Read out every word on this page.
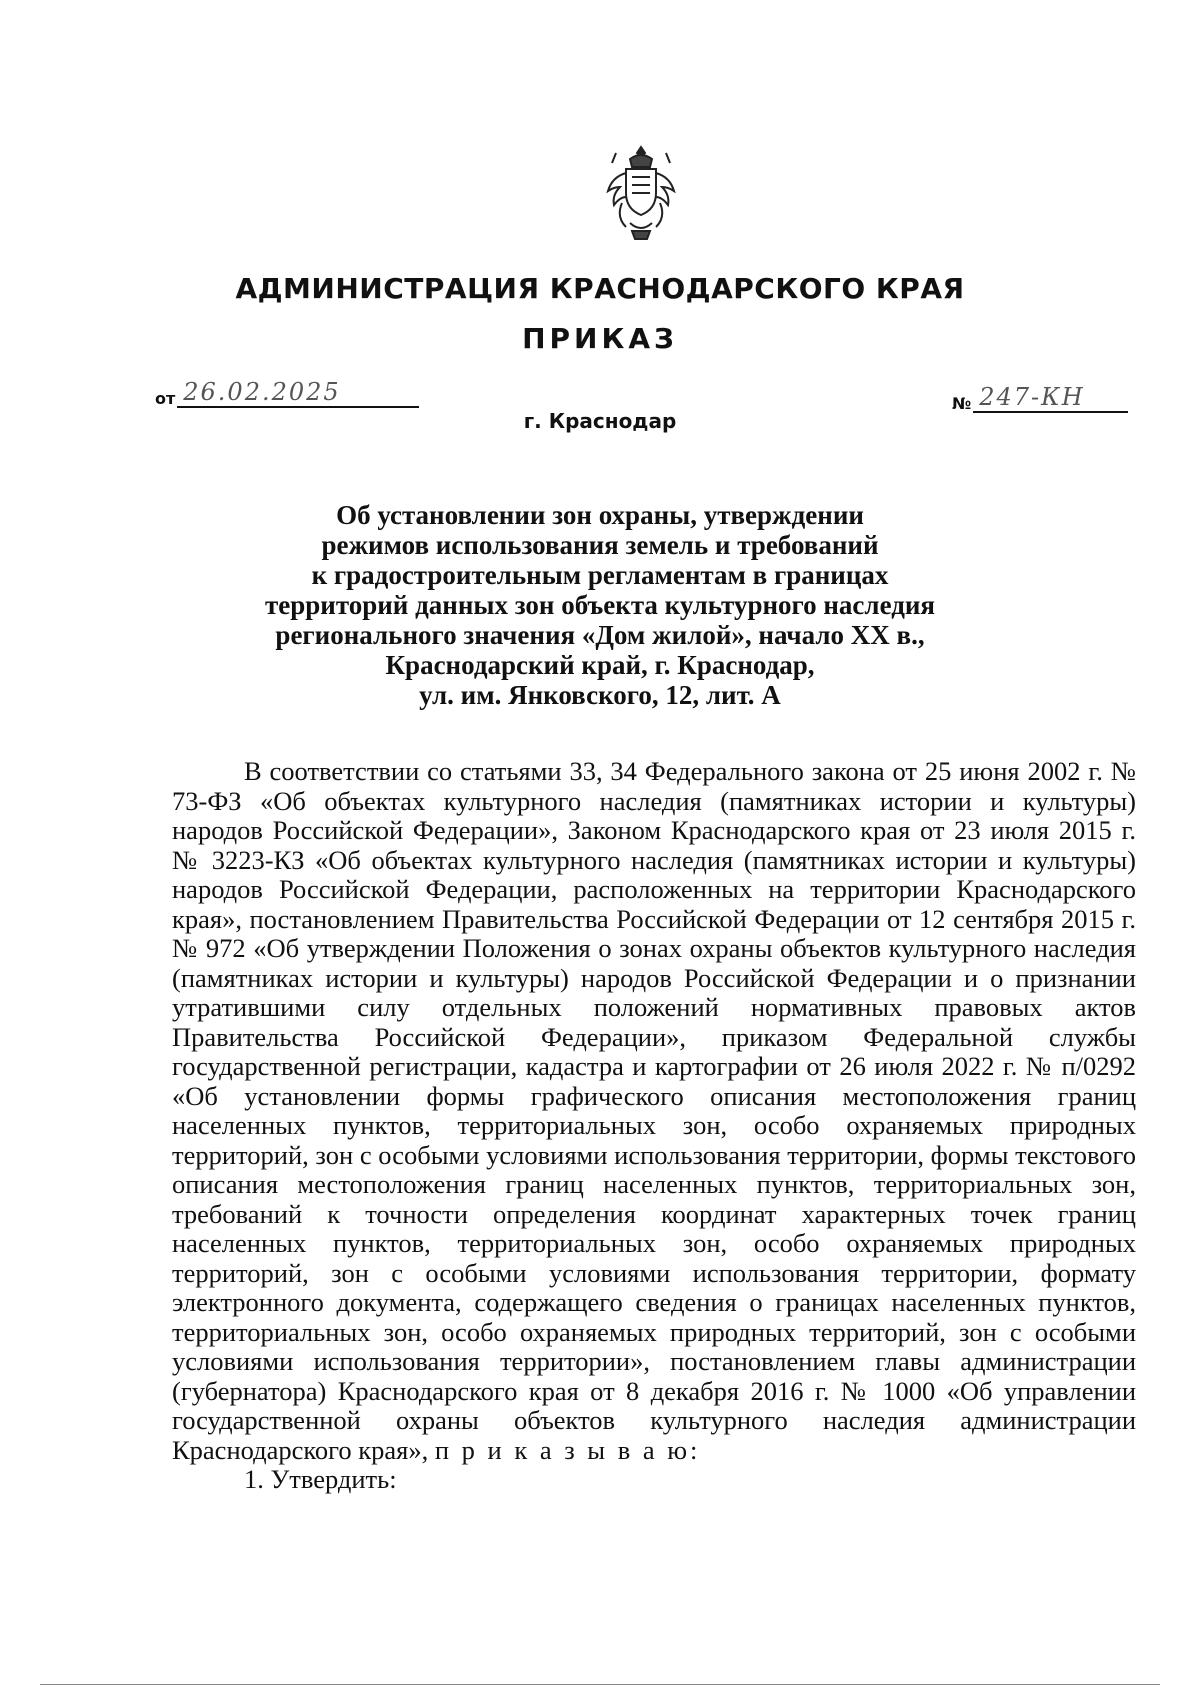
АДМИНИСТРАЦИЯ КРАСНОДАРСКОГО КРАЯ
ПРИКАЗ
от 26.02.2025	№ 247-КН
г. Краснодар
Об установлении зон охраны, утверждении
режимов использования земель и требований
к градостроительным регламентам в границах
территорий данных зон объекта культурного наследия
регионального значения «Дом жилой», начало XX в.,
Краснодарский край, г. Краснодар,
ул. им. Янковского, 12, лит. А

В соответствии со статьями 33, 34 Федерального закона от 25 июня 2002 г. № 73-ФЗ «Об объектах культурного наследия (памятниках истории и культуры) народов Российской Федерации», Законом Краснодарского края от 23 июля 2015 г. № 3223-КЗ «Об объектах культурного наследия (памятниках истории и культуры) народов Российской Федерации, расположенных на территории Краснодарского края», постановлением Правительства Российской Федерации от 12 сентября 2015 г. № 972 «Об утверждении Положения о зонах охраны объектов культурного наследия (памятниках истории и культуры) народов Российской Федерации и о признании утратившими силу отдельных положений нормативных правовых актов Правительства Российской Федерации», приказом Федеральной службы государственной регистрации, кадастра и картографии от 26 июля 2022 г. № п/0292 «Об установлении формы графического описания местоположения границ населенных пунктов, территориальных зон, особо охраняемых природных территорий, зон с особыми условиями использования территории, формы текстового описания местоположения границ населенных пунктов, территориальных зон, требований к точности определения координат характерных точек границ населенных пунктов, территориальных зон, особо охраняемых природных территорий, зон с особыми условиями использования территории, формату электронного документа, содержащего сведения о границах населенных пунктов, территориальных зон, особо охраняемых природных территорий, зон с особыми условиями использования территории», постановлением главы администрации (губернатора) Краснодарского края от 8 декабря 2016 г. № 1000 «Об управлении государственной охраны объектов культурного наследия администрации Краснодарского края», п р и к а з ы в а ю:

1. Утвердить:
